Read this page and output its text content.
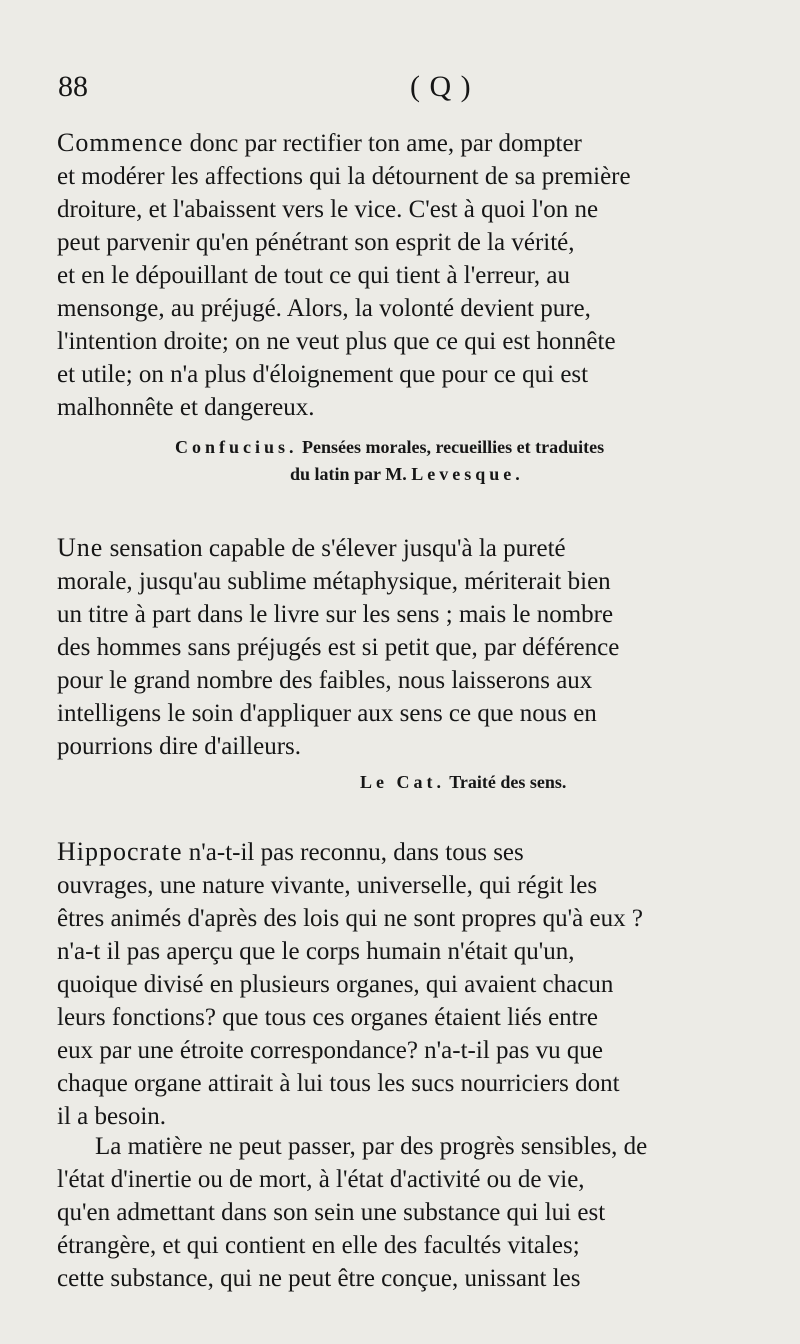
88	( Q )

Commence donc par rectifier ton ame, par dompter

et modérer les affections qui la détournent de sa première

droiture, et l'abaissent vers le vice. C'est à quoi l'on ne

peut parvenir qu'en pénétrant son esprit de la vérité,

et en le dépouillant de tout ce qui tient à l'erreur, au

mensonge, au préjugé. Alors, la volonté devient pure,

l'intention droite; on ne veut plus que ce qui est honnête

et utile; on n'a plus d'éloignement que pour ce qui est

malhonnête et dangereux.

Confucius. Pensées morales, recueillies et traduites
du latin par M. Levesque.

Une sensation capable de s'élever jusqu'à la pureté

morale, jusqu'au sublime métaphysique, mériterait bien

un titre à part dans le livre sur les sens ; mais le nombre

des hommes sans préjugés est si petit que, par déférence

pour le grand nombre des faibles, nous laisserons aux

intelligens le soin d'appliquer aux sens ce que nous en

pourrions dire d'ailleurs.

Le Cat. Traité des sens.

Hippocrate n'a-t-il pas reconnu, dans tous ses

ouvrages, une nature vivante, universelle, qui régit les

êtres animés d'après des lois qui ne sont propres qu'à eux ?

n'a-t il pas aperçu que le corps humain n'était qu'un,

quoique divisé en plusieurs organes, qui avaient chacun

leurs fonctions? que tous ces organes étaient liés entre

eux par une étroite correspondance? n'a-t-il pas vu que

chaque organe attirait à lui tous les sucs nourriciers dont

il a besoin.

La matière ne peut passer, par des progrès sensibles, de

l'état d'inertie ou de mort, à l'état d'activité ou de vie,

qu'en admettant dans son sein une substance qui lui est

étrangère, et qui contient en elle des facultés vitales;

cette substance, qui ne peut être conçue, unissant les
